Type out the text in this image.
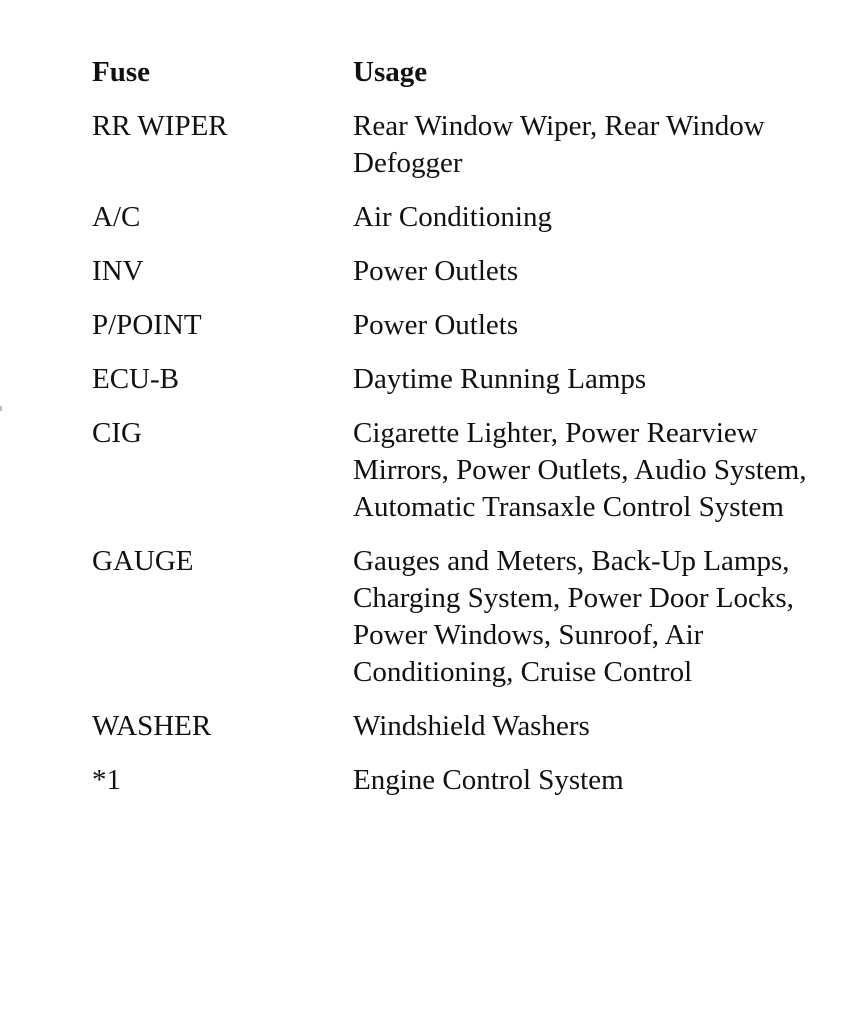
Fuse	Usage
RR WIPER	Rear Window Wiper, Rear Window Defogger

A/C	Air Conditioning

INV	Power Outlets

P/POINT	Power Outlets

ECU-B	Daytime Running Lamps

CIG	Cigarette Lighter, Power Rearview Mirrors, Power Outlets, Audio System, Automatic Transaxle Control System

GAUGE	Gauges and Meters, Back-Up Lamps, Charging System, Power Door Locks, Power Windows, Sunroof, Air Conditioning, Cruise Control

WASHER	Windshield Washers

*1	Engine Control System
